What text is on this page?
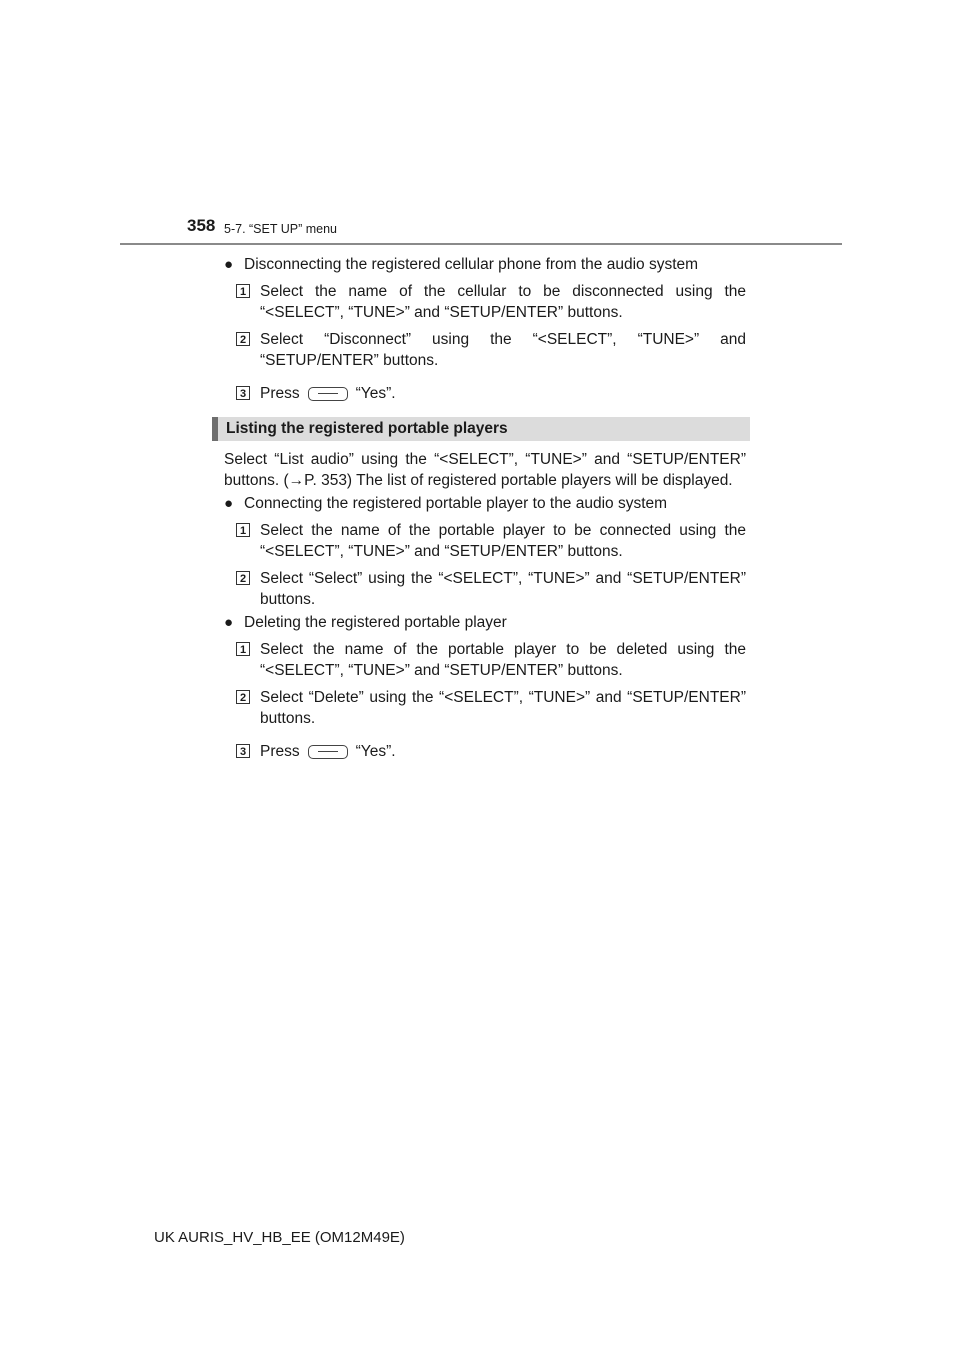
358 5-7. “SET UP” menu

● Disconnecting the registered cellular phone from the audio system

1 Select the name of the cellular to be disconnected using the “<SELECT”, “TUNE>” and “SETUP/ENTER” buttons.

2 Select “Disconnect” using the “<SELECT”, “TUNE>” and “SETUP/ENTER” buttons.

3 Press	“Yes”.

Listing the registered portable players

Select “List audio” using the “<SELECT”, “TUNE>” and “SETUP/ENTER” buttons. (→P. 353) The list of registered portable players will be displayed.

● Connecting the registered portable player to the audio system

1 Select the name of the portable player to be connected using the “<SELECT”, “TUNE>” and “SETUP/ENTER” buttons.

2 Select “Select” using the “<SELECT”, “TUNE>” and “SETUP/ENTER” buttons.

● Deleting the registered portable player

1 Select the name of the portable player to be deleted using the “<SELECT”, “TUNE>” and “SETUP/ENTER” buttons.

2 Select “Delete” using the “<SELECT”, “TUNE>” and “SETUP/ENTER” buttons.

3 Press	“Yes”.

UK AURIS_HV_HB_EE (OM12M49E)
